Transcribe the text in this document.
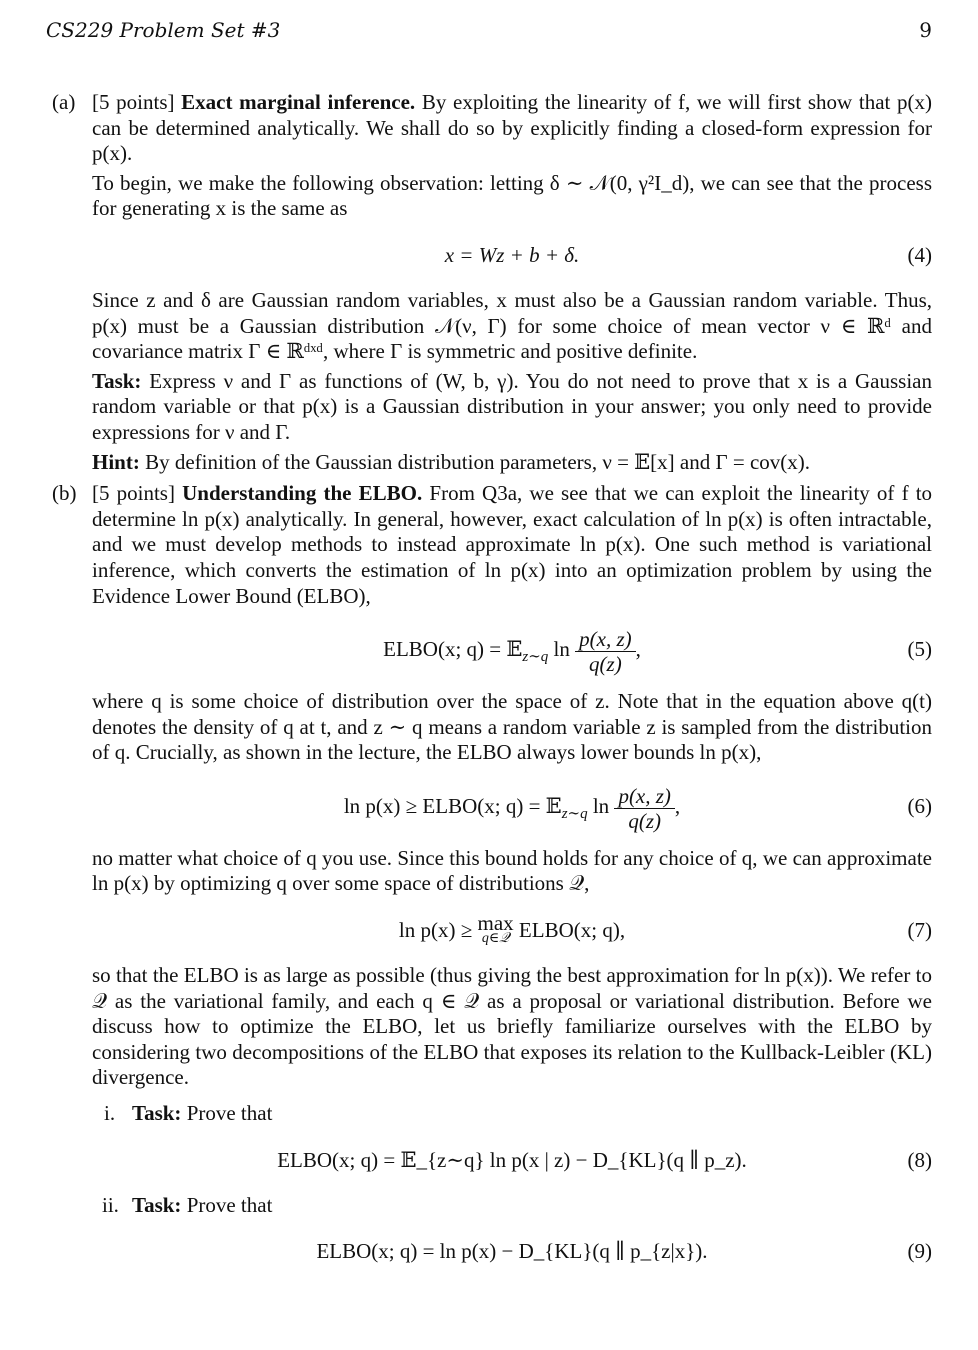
CS229 Problem Set #3	9
(a) [5 points] Exact marginal inference. By exploiting the linearity of f, we will first show that p(x) can be determined analytically. We shall do so by explicitly finding a closed-form expression for p(x).

To begin, we make the following observation: letting δ ∼ 𝒩(0, γ²I_d), we can see that the process for generating x is the same as

x = Wz + b + δ.	(4)

Since z and δ are Gaussian random variables, x must also be a Gaussian random variable. Thus, p(x) must be a Gaussian distribution 𝒩(ν, Γ) for some choice of mean vector ν ∈ ℝᵈ and covariance matrix Γ ∈ ℝᵈˣᵈ, where Γ is symmetric and positive definite.

Task: Express ν and Γ as functions of (W, b, γ). You do not need to prove that x is a Gaussian random variable or that p(x) is a Gaussian distribution in your answer; you only need to provide expressions for ν and Γ.

Hint: By definition of the Gaussian distribution parameters, ν = 𝔼[x] and Γ = cov(x).

(b) [5 points] Understanding the ELBO. From Q3a, we see that we can exploit the linearity of f to determine ln p(x) analytically. In general, however, exact calculation of ln p(x) is often intractable, and we must develop methods to instead approximate ln p(x). One such method is variational inference, which converts the estimation of ln p(x) into an optimization problem by using the Evidence Lower Bound (ELBO),

ELBO(x; q) = 𝔼$_{z\sim q}$ $\ln \frac{p(x, z)}{q(z)}$ ,	(5)

where q is some choice of distribution over the space of z. Note that in the equation above q(t) denotes the density of q at t, and z ∼ q means a random variable z is sampled from the distribution of q. Crucially, as shown in the lecture, the ELBO always lower bounds ln p(x),

ln p(x) ≥ ELBO(x; q) = 𝔼$_{z\sim q}$ $\ln \frac{p(x, z)}{q(z)}$ ,	(6)

no matter what choice of q you use. Since this bound holds for any choice of q, we can approximate ln p(x) by optimizing q over some space of distributions 𝒬,

ln p(x) ≥ max
q∈𝒬 ELBO(x; q),	(7)

so that the ELBO is as large as possible (thus giving the best approximation for ln p(x)). We refer to 𝒬 as the variational family, and each q ∈ 𝒬 as a proposal or variational distribution. Before we discuss how to optimize the ELBO, let us briefly familiarize ourselves with the ELBO by considering two decompositions of the ELBO that exposes its relation to the Kullback-Leibler (KL) divergence.

i. Task: Prove that
ELBO(x; q) = 𝔼_{z∼q} ln p(x | z) − D_{KL}(q ∥ p_z).	(8)
ii. Task: Prove that
ELBO(x; q) = ln p(x) − D_{KL}(q ∥ p_{z|x}).	(9)
